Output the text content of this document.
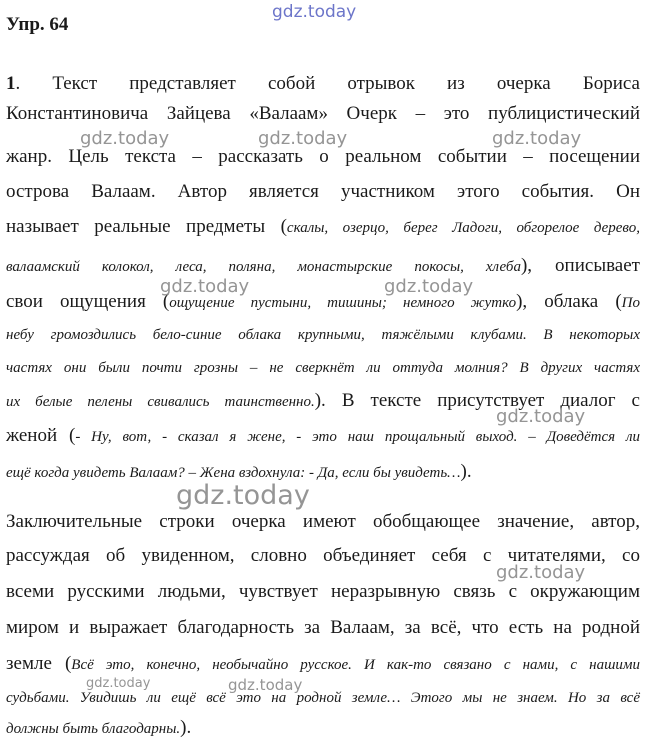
gdz.today
Упр. 64
1. Текст представляет собой отрывок из очерка Бориса
Константиновича Зайцева «Валаам» Очерк – это публицистический
жанр. Цель текста – рассказать о реальном событии – посещении
острова Валаам. Автор является участником этого события. Он
называет реальные предметы (скалы, озерцо, берег Ладоги, обгорелое дерево,
валаамский колокол, леса, поляна, монастырские покосы, хлеба), описывает
свои ощущения (ощущение пустыни, тишины; немного жутко), облака (По
небу громоздились бело-синие облака крупными, тяжёлыми клубами. В некоторых
частях они были почти грозны – не сверкнёт ли оттуда молния? В других частях
их белые пелены свивались таинственно.). В тексте присутствует диалог с
женой (- Ну, вот, - сказал я жене, - это наш прощальный выход. – Доведётся ли
ещё когда увидеть Валаам? – Жена вздохнула: - Да, если бы увидеть…).
Заключительные строки очерка имеют обобщающее значение, автор,
рассуждая об увиденном, словно объединяет себя с читателями, со
всеми русскими людьми, чувствует неразрывную связь с окружающим
миром и выражает благодарность за Валаам, за всё, что есть на родной
земле (Всё это, конечно, необычайно русское. И как-то связано с нами, с нашими
судьбами. Увидишь ли ещё всё это на родной земле… Этого мы не знаем. Но за всё
должны быть благодарны.).
gdz.today	gdz.today	gdz.today
gdz.today	gdz.today
gdz.today
gdz.today
gdz.today
gdz.today	gdz.today
